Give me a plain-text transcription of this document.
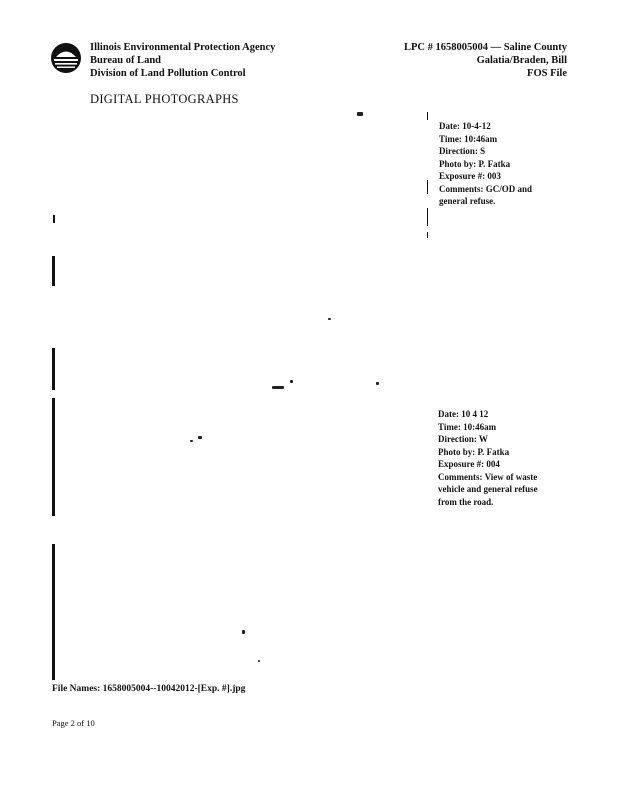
Illinois Environmental Protection Agency
Bureau of Land
Division of Land Pollution Control
LPC # 1658005004 — Saline County
Galatia/Braden, Bill
FOS File
DIGITAL PHOTOGRAPHS
Date: 10-4-12
Time: 10:46am
Direction: S
Photo by: P. Fatka
Exposure #: 003
Comments: GC/OD and
general refuse.
Date: 10 4 12
Time: 10:46am
Direction: W
Photo by: P. Fatka
Exposure #: 004
Comments: View of waste
vehicle and general refuse
from the road.
File Names: 1658005004--10042012-[Exp. #].jpg
Page 2 of 10
